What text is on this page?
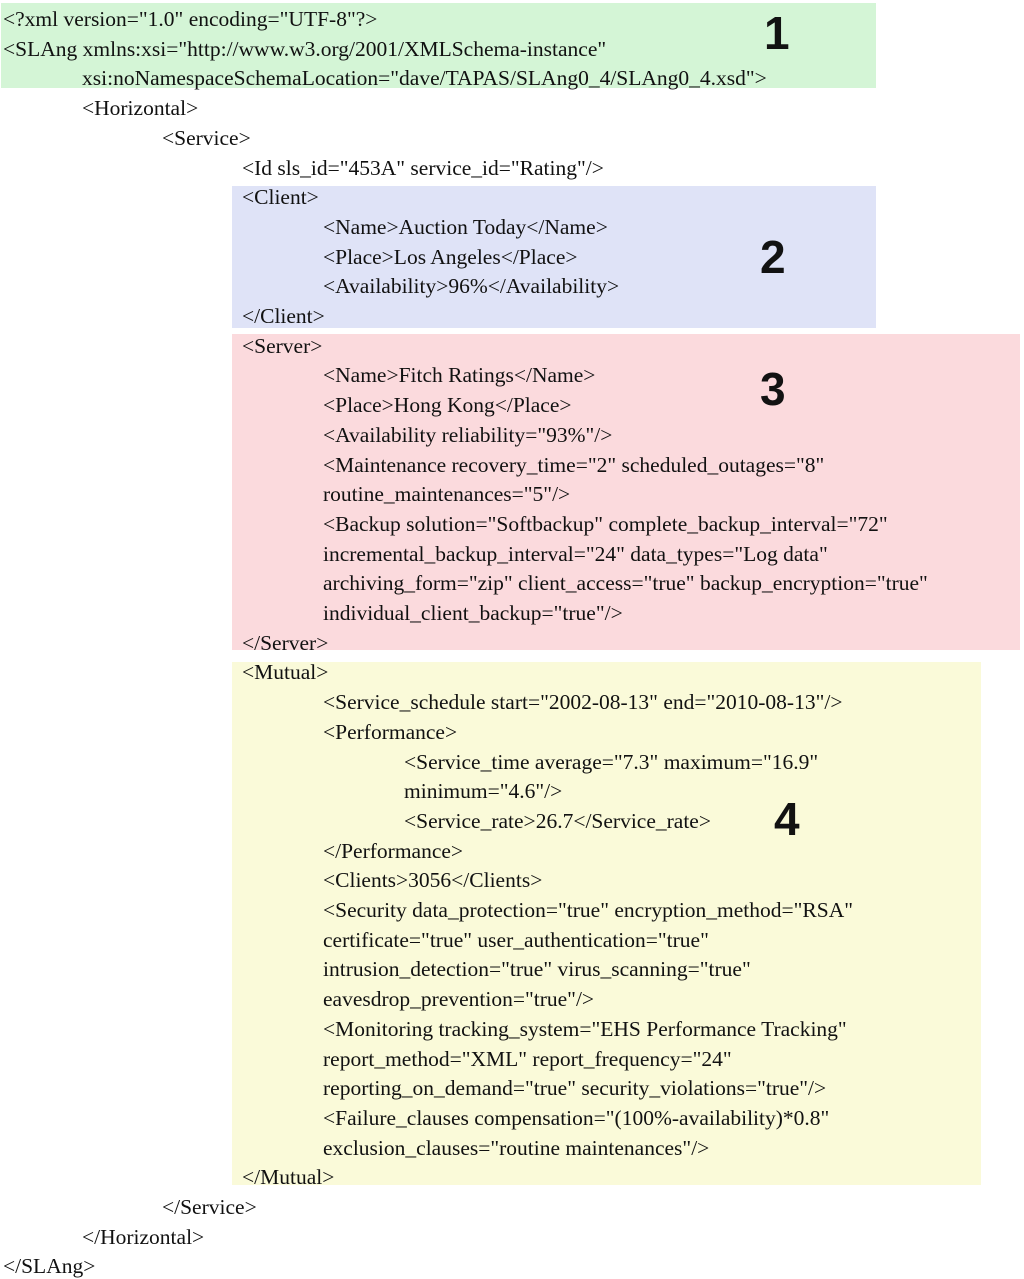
<?xml version="1.0" encoding="UTF-8"?>
<SLAng xmlns:xsi="http://www.w3.org/2001/XMLSchema-instance"
xsi:noNamespaceSchemaLocation="dave/TAPAS/SLAng0_4/SLAng0_4.xsd">
<Horizontal>
<Service>
<Id sls_id="453A" service_id="Rating"/>
<Client>
<Name>Auction Today</Name>
<Place>Los Angeles</Place>
<Availability>96%</Availability>
</Client>
<Server>
<Name>Fitch Ratings</Name>
<Place>Hong Kong</Place>
<Availability reliability="93%"/>
<Maintenance recovery_time="2" scheduled_outages="8"
routine_maintenances="5"/>
<Backup solution="Softbackup" complete_backup_interval="72"
incremental_backup_interval="24" data_types="Log data"
archiving_form="zip" client_access="true" backup_encryption="true"
individual_client_backup="true"/>
</Server>
<Mutual>
<Service_schedule start="2002-08-13" end="2010-08-13"/>
<Performance>
<Service_time average="7.3" maximum="16.9"
minimum="4.6"/>
<Service_rate>26.7</Service_rate>
</Performance>
<Clients>3056</Clients>
<Security data_protection="true" encryption_method="RSA"
certificate="true" user_authentication="true"
intrusion_detection="true" virus_scanning="true"
eavesdrop_prevention="true"/>
<Monitoring tracking_system="EHS Performance Tracking"
report_method="XML" report_frequency="24"
reporting_on_demand="true" security_violations="true"/>
<Failure_clauses compensation="(100%-availability)*0.8"
exclusion_clauses="routine maintenances"/>
</Mutual>
</Service>
</Horizontal>
</SLAng>
1
2
3
4
